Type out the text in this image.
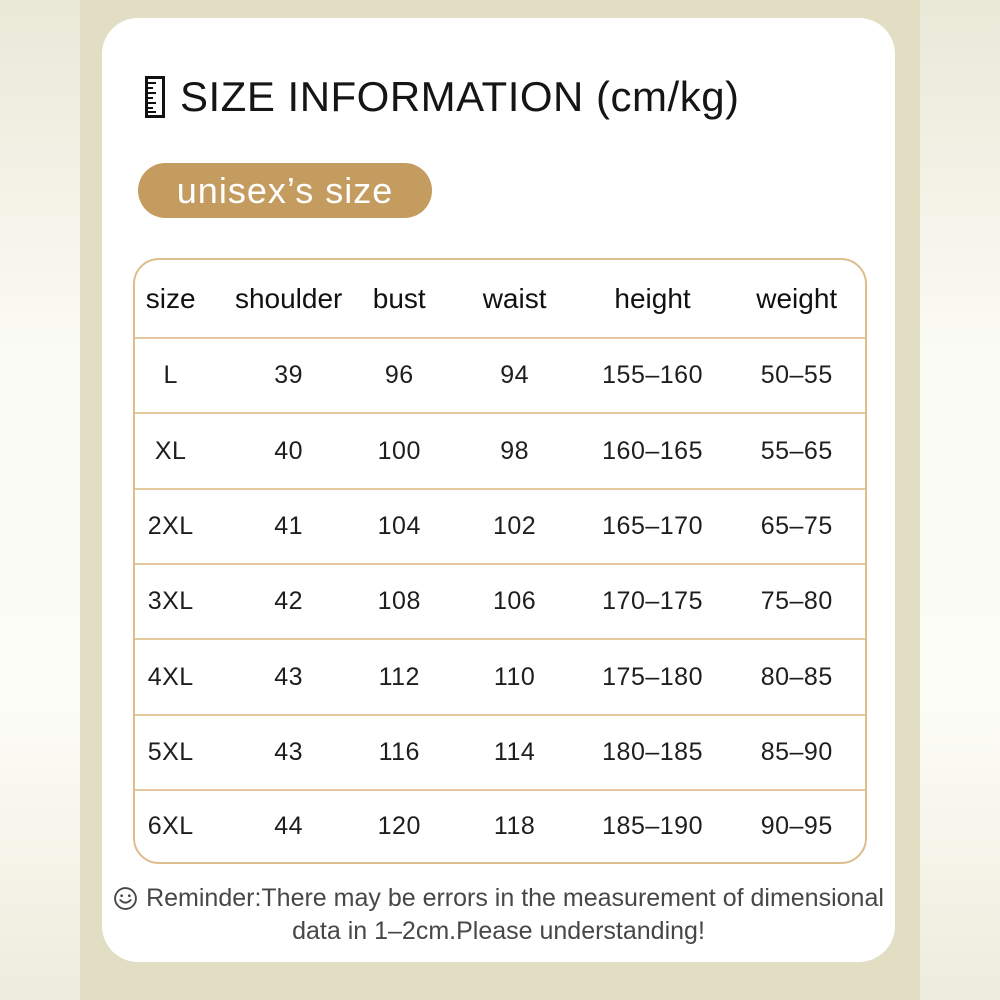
SIZE INFORMATION (cm/kg)
unisex’s size
size	shoulder	bust	waist	height	weight
L	39	96	94	155–160	50–55
XL	40	100	98	160–165	55–65
2XL	41	104	102	165–170	65–75
3XL	42	108	106	170–175	75–80
4XL	43	112	110	175–180	80–85
5XL	43	116	114	180–185	85–90
6XL	44	120	118	185–190	90–95
Reminder:There may be errors in the measurement of dimensional
data in 1–2cm.Please understanding!
